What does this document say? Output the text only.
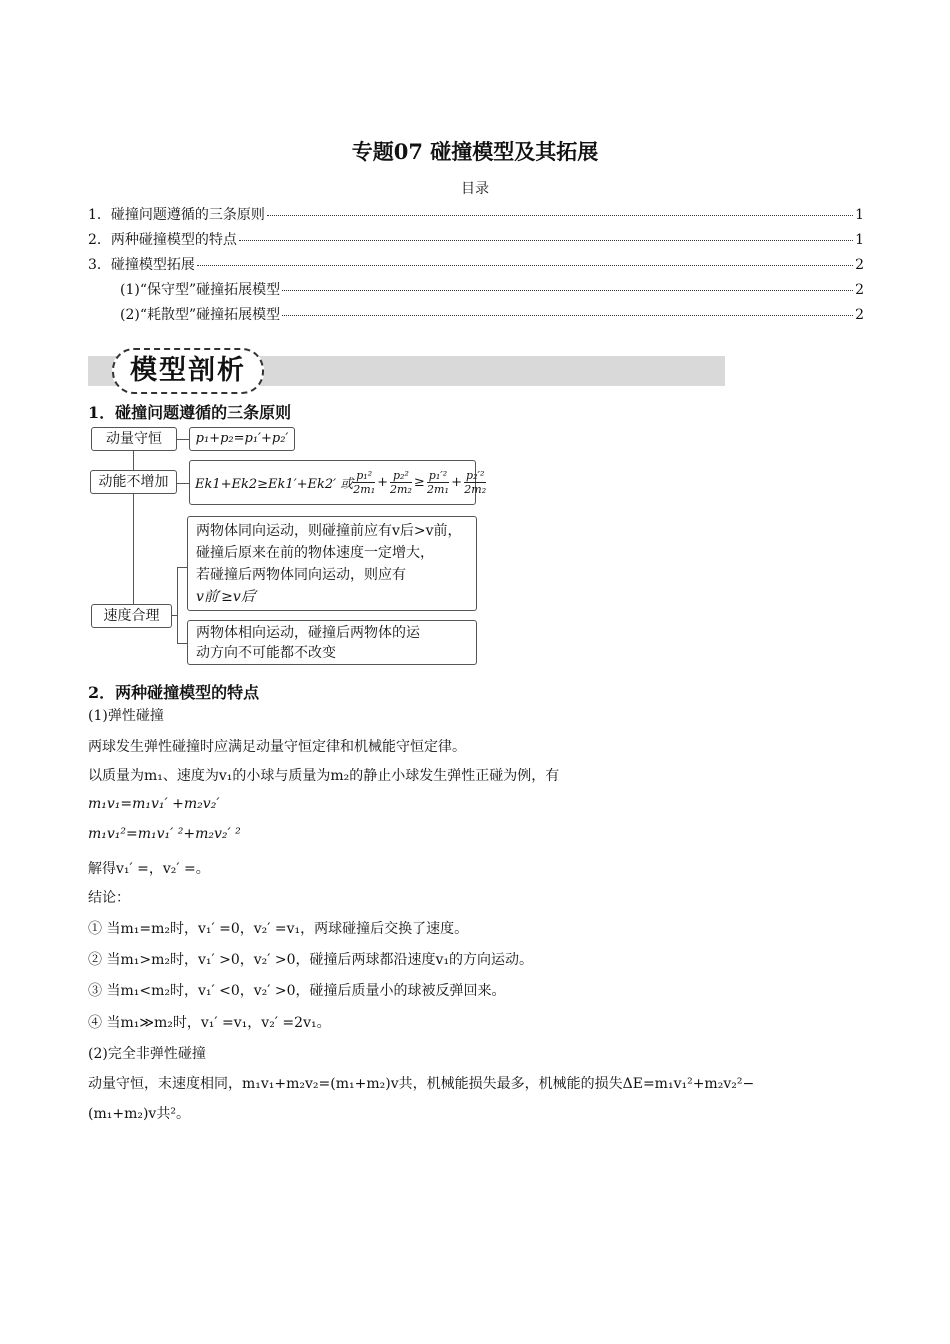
专题07 碰撞模型及其拓展
目录
1．碰撞问题遵循的三条原则	1
2．两种碰撞模型的特点	1
3．碰撞模型拓展	2
(1)“保守型”碰撞拓展模型	2
(2)“耗散型”碰撞拓展模型	2
模型剖析
1．碰撞问题遵循的三条原则
动量守恒
动能不增加
速度合理
p₁+p₂=p₁′+p₂′
Ek1+Ek2≥Ek1′+Ek2′ 或 $\frac{\text{p₁²}}{\text{2m₁}} + \frac{\text{p₂²}}{\text{2m₂}} \ge \frac{\text{p₁′²}}{\text{2m₁}} + \frac{\text{p₂′²}}{\text{2m₂}}$
两物体同向运动，则碰撞前应有v后>v前，
碰撞后原来在前的物体速度一定增大，
若碰撞后两物体同向运动，则应有
v前′≥v后′
两物体相向运动，碰撞后两物体的运
动方向不可能都不改变
2．两种碰撞模型的特点
(1)弹性碰撞
两球发生弹性碰撞时应满足动量守恒定律和机械能守恒定律。
以质量为m₁、速度为v₁的小球与质量为m₂的静止小球发生弹性正碰为例，有
m₁v₁=m₁v₁′ +m₂v₂′
m₁v₁²=m₁v₁′ ²+m₂v₂′ ²
解得v₁′ =，v₂′ =。
结论：
① 当m₁=m₂时，v₁′ =0，v₂′ =v₁，两球碰撞后交换了速度。
② 当m₁>m₂时，v₁′ >0，v₂′ >0，碰撞后两球都沿速度v₁的方向运动。
③ 当m₁<m₂时，v₁′ <0，v₂′ >0，碰撞后质量小的球被反弹回来。
④ 当m₁≫m₂时，v₁′ =v₁，v₂′ =2v₁。
(2)完全非弹性碰撞
动量守恒，末速度相同，m₁v₁+m₂v₂=(m₁+m₂)v共，机械能损失最多，机械能的损失ΔE=m₁v₁²+m₂v₂²−
(m₁+m₂)v共²。
